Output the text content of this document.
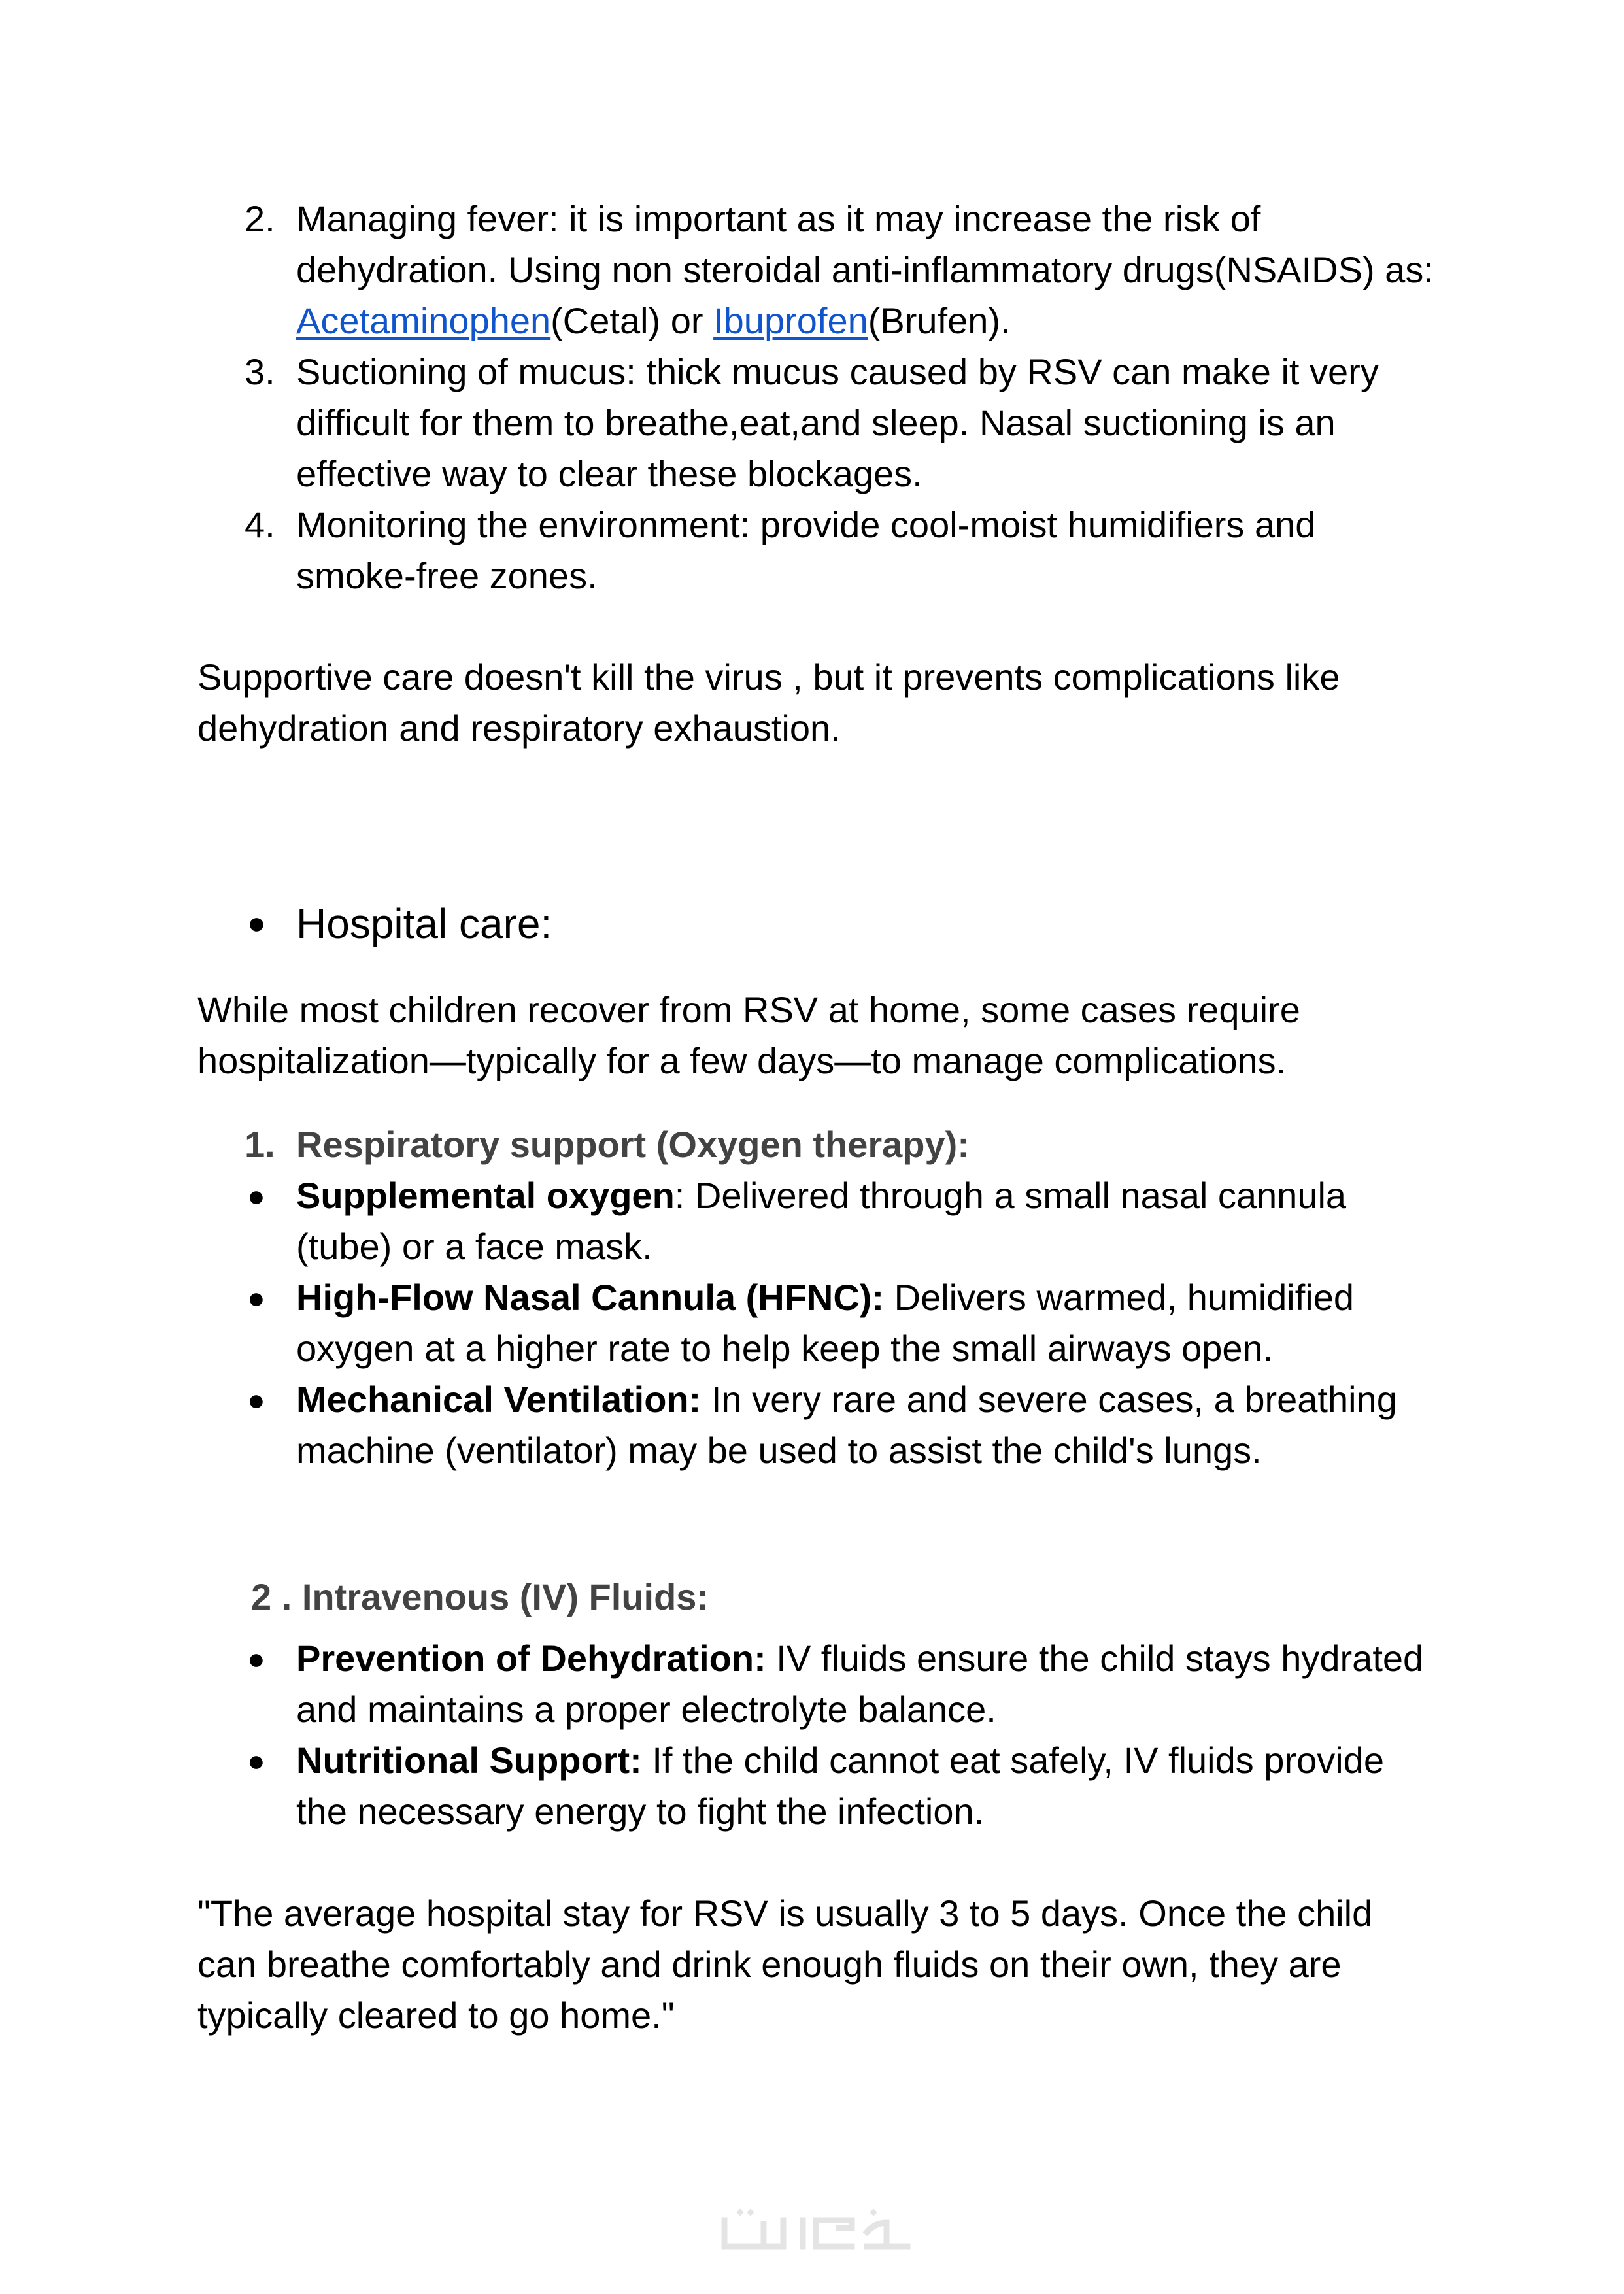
2. Managing fever: it is important as it may increase the risk of dehydration. Using non steroidal anti-inflammatory drugs(NSAIDS) as: Acetaminophen(Cetal) or Ibuprofen(Brufen).
3. Suctioning of mucus: thick mucus caused by RSV can make it very difficult for them to breathe,eat,and sleep. Nasal suctioning is an effective way to clear these blockages.
4. Monitoring the environment: provide cool-moist humidifiers and smoke-free zones.

Supportive care doesn't kill the virus , but it prevents complications like dehydration and respiratory exhaustion.

● Hospital care:

While most children recover from RSV at home, some cases require hospitalization—typically for a few days—to manage complications.

1. Respiratory support (Oxygen therapy):
● Supplemental oxygen: Delivered through a small nasal cannula (tube) or a face mask.
● High-Flow Nasal Cannula (HFNC): Delivers warmed, humidified oxygen at a higher rate to help keep the small airways open.
● Mechanical Ventilation: In very rare and severe cases, a breathing machine (ventilator) may be used to assist the child's lungs.
2 . Intravenous (IV) Fluids:
● Prevention of Dehydration: IV fluids ensure the child stays hydrated and maintains a proper electrolyte balance.
● Nutritional Support: If the child cannot eat safely, IV fluids provide the necessary energy to fight the infection.

"The average hospital stay for RSV is usually 3 to 5 days. Once the child can breathe comfortably and drink enough fluids on their own, they are typically cleared to go home."
